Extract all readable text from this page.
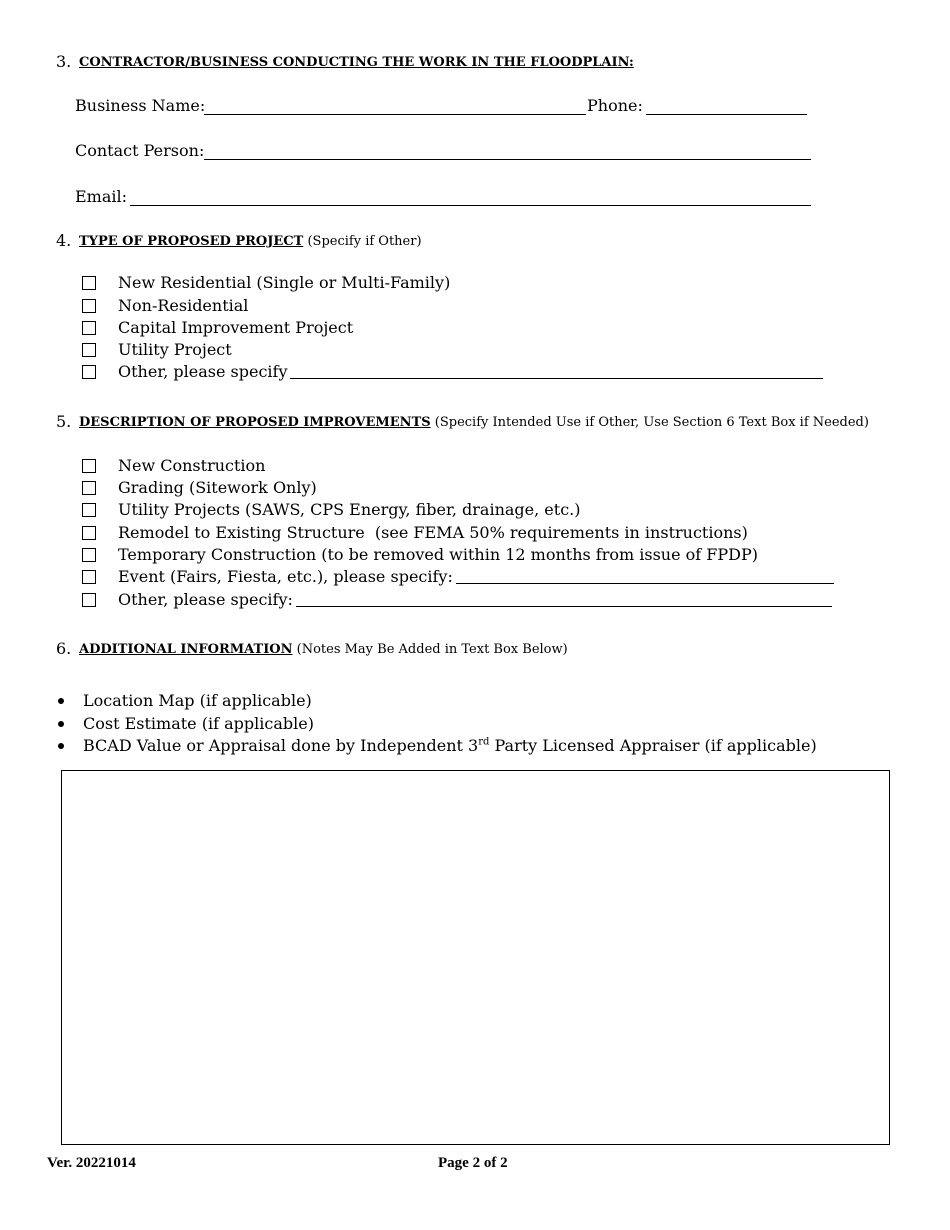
3. CONTRACTOR/BUSINESS CONDUCTING THE WORK IN THE FLOODPLAIN:
Business Name:	Phone:
Contact Person:
Email:
4. TYPE OF PROPOSED PROJECT (Specify if Other)
New Residential (Single or Multi-Family)
Non-Residential
Capital Improvement Project
Utility Project
Other, please specify
5. DESCRIPTION OF PROPOSED IMPROVEMENTS (Specify Intended Use if Other, Use Section 6 Text Box if Needed)
New Construction
Grading (Sitework Only)
Utility Projects (SAWS, CPS Energy, fiber, drainage, etc.)
Remodel to Existing Structure  (see FEMA 50% requirements in instructions)
Temporary Construction (to be removed within 12 months from issue of FPDP)
Event (Fairs, Fiesta, etc.), please specify:
Other, please specify:
6. ADDITIONAL INFORMATION (Notes May Be Added in Text Box Below)
Location Map (if applicable)
Cost Estimate (if applicable)
BCAD Value or Appraisal done by Independent 3rd Party Licensed Appraiser (if applicable)
Ver. 20221014	Page 2 of 2
